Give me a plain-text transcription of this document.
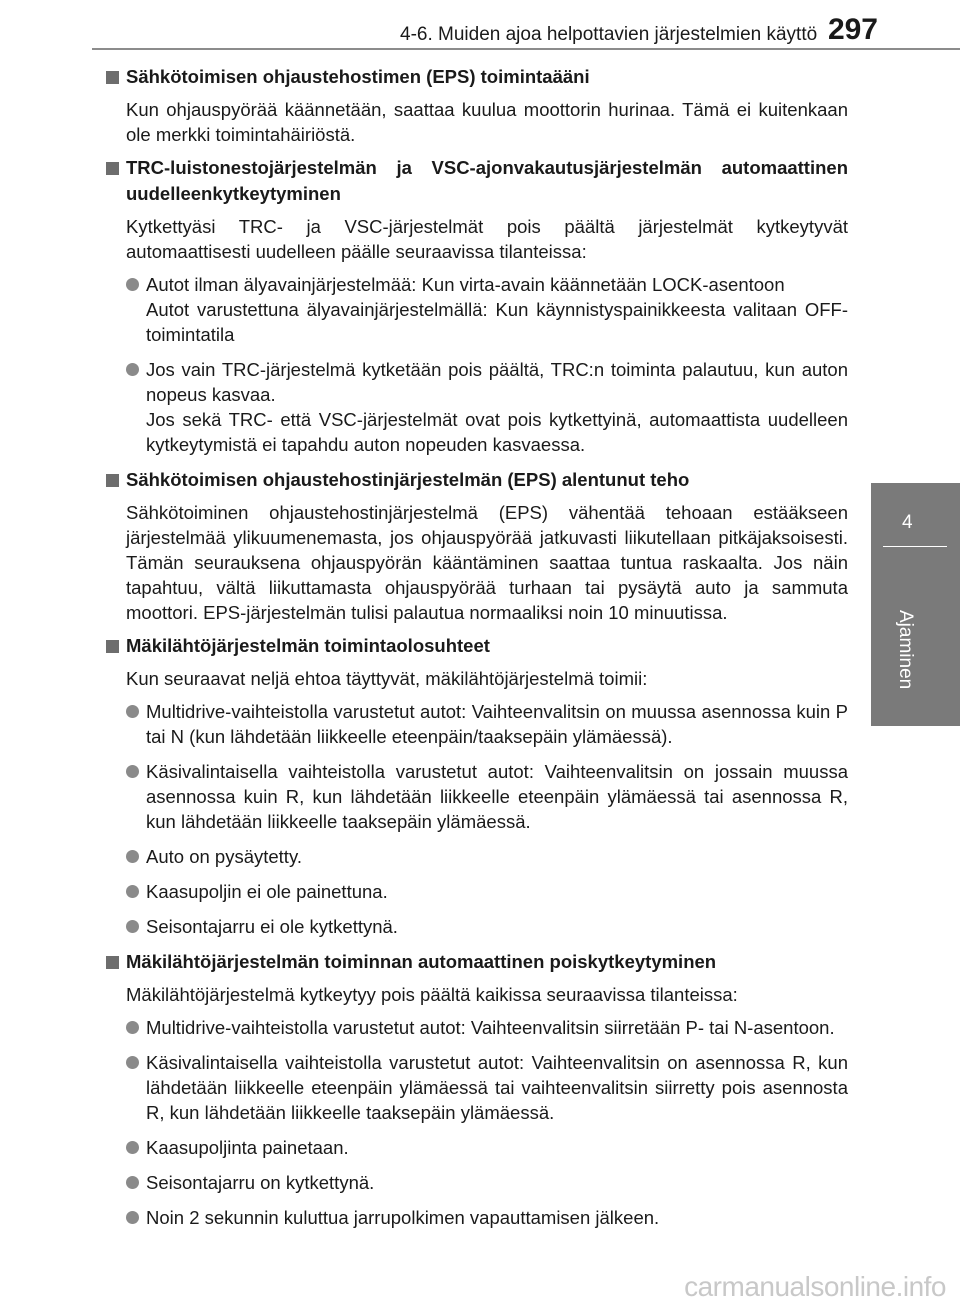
4-6. Muiden ajoa helpottavien järjestelmien käyttö 297
4
Ajaminen

Sähkötoimisen ohjaustehostimen (EPS) toimintaääni

Kun ohjauspyörää käännetään, saattaa kuulua moottorin hurinaa. Tämä ei kuitenkaan ole merkki toimintahäiriöstä.

TRC-luistonestojärjestelmän ja VSC-ajonvakautusjärjestelmän automaattinen uudelleenkytkeytyminen

Kytkettyäsi TRC- ja VSC-järjestelmät pois päältä järjestelmät kytkeytyvät automaattisesti uudelleen päälle seuraavissa tilanteissa:

Autot ilman älyavainjärjestelmää: Kun virta-avain käännetään LOCK-asentoon
Autot varustettuna älyavainjärjestelmällä: Kun käynnistyspainikkeesta valitaan OFF-toimintatila
Jos vain TRC-järjestelmä kytketään pois päältä, TRC:n toiminta palautuu, kun auton nopeus kasvaa.
Jos sekä TRC- että VSC-järjestelmät ovat pois kytkettyinä, automaattista uudelleen kytkeytymistä ei tapahdu auton nopeuden kasvaessa.

Sähkötoimisen ohjaustehostinjärjestelmän (EPS) alentunut teho

Sähkötoiminen ohjaustehostinjärjestelmä (EPS) vähentää tehoaan estääkseen järjestelmää ylikuumenemasta, jos ohjauspyörää jatkuvasti liikutellaan pitkäjaksoisesti. Tämän seurauksena ohjauspyörän kääntäminen saattaa tuntua raskaalta. Jos näin tapahtuu, vältä liikuttamasta ohjauspyörää turhaan tai pysäytä auto ja sammuta moottori. EPS-järjestelmän tulisi palautua normaaliksi noin 10 minuutissa.

Mäkilähtöjärjestelmän toimintaolosuhteet

Kun seuraavat neljä ehtoa täyttyvät, mäkilähtöjärjestelmä toimii:

Multidrive-vaihteistolla varustetut autot: Vaihteenvalitsin on muussa asennossa kuin P tai N (kun lähdetään liikkeelle eteenpäin/taaksepäin ylämäessä).
Käsivalintaisella vaihteistolla varustetut autot: Vaihteenvalitsin on jossain muussa asennossa kuin R, kun lähdetään liikkeelle eteenpäin ylämäessä tai asennossa R, kun lähdetään liikkeelle taaksepäin ylämäessä.
Auto on pysäytetty.
Kaasupoljin ei ole painettuna.
Seisontajarru ei ole kytkettynä.

Mäkilähtöjärjestelmän toiminnan automaattinen poiskytkeytyminen

Mäkilähtöjärjestelmä kytkeytyy pois päältä kaikissa seuraavissa tilanteissa:

Multidrive-vaihteistolla varustetut autot: Vaihteenvalitsin siirretään P- tai N-asentoon.
Käsivalintaisella vaihteistolla varustetut autot: Vaihteenvalitsin on asennossa R, kun lähdetään liikkeelle eteenpäin ylämäessä tai vaihteenvalitsin siirretty pois asennosta R, kun lähdetään liikkeelle taaksepäin ylämäessä.
Kaasupoljinta painetaan.
Seisontajarru on kytkettynä.
Noin 2 sekunnin kuluttua jarrupolkimen vapauttamisen jälkeen.
carmanualsonline.info
